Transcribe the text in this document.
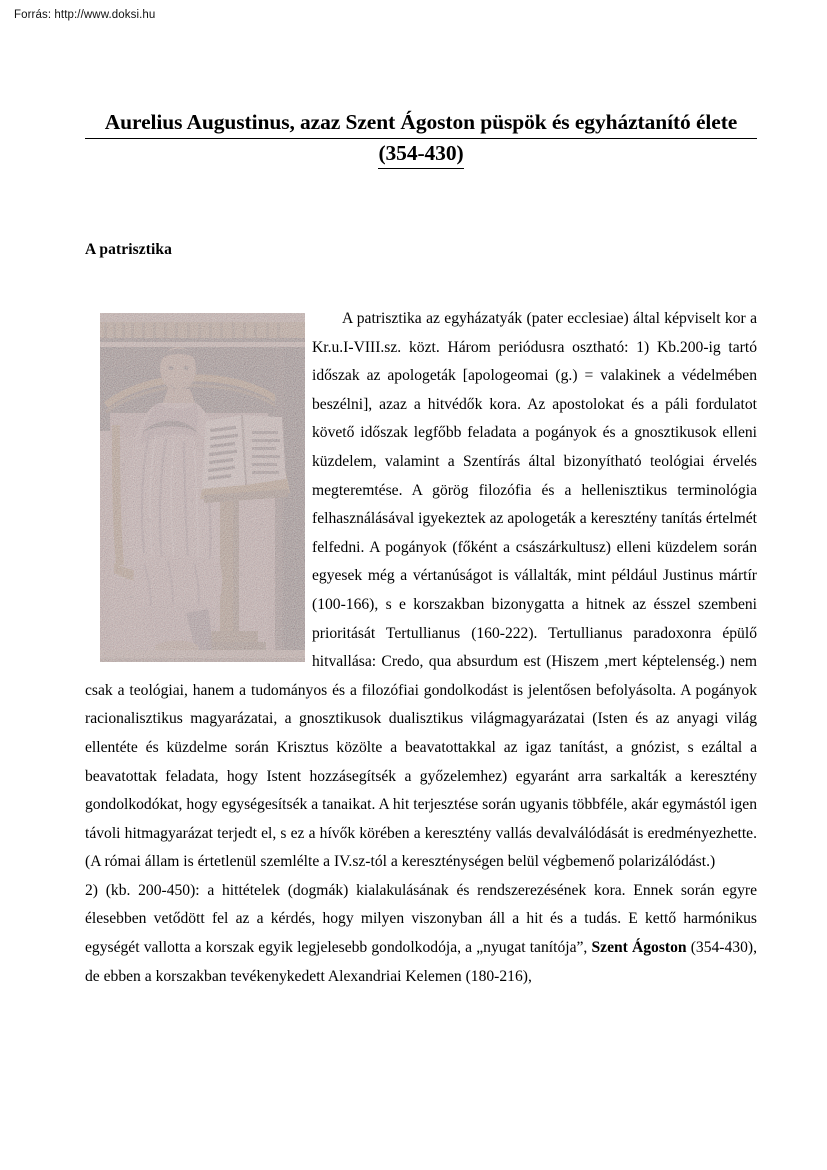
Forrás: http://www.doksi.hu
Aurelius Augustinus, azaz Szent Ágoston püspök és egyháztanító élete
(354-430)
A patrisztika

A patrisztika az egyházatyák (pater ecclesiae) által képviselt kor a Kr.u.I-VIII.sz. közt. Három periódusra osztható: 1) Kb.200-ig tartó időszak az apologeták [apologeomai (g.) = valakinek a védelmében beszélni], azaz a hitvédők kora. Az apostolokat és a páli fordulatot követő időszak legfőbb feladata a pogányok és a gnosztikusok elleni küzdelem, valamint a Szentírás által bizonyítható teológiai érvelés megteremtése. A görög filozófia és a hellenisztikus terminológia felhasználásával igyekeztek az apologeták a keresztény tanítás értelmét felfedni. A pogányok (főként a császárkultusz) elleni küzdelem során egyesek még a vértanúságot is vállalták, mint például Justinus mártír (100-166), s e korszakban bizonygatta a hitnek az ésszel szembeni prioritását Tertullianus (160-222). Tertullianus paradoxonra épülő hitvallása: Credo, qua absurdum est (Hiszem ,mert képtelenség.) nem csak a teológiai, hanem a tudományos és a filozófiai gondolkodást is jelentősen befolyásolta. A pogányok racionalisztikus magyarázatai, a gnosztikusok dualisztikus világmagyarázatai (Isten és az anyagi világ ellentéte és küzdelme során Krisztus közölte a beavatottakkal az igaz tanítást, a gnózist, s ezáltal a beavatottak feladata, hogy Istent hozzásegítsék a győzelemhez) egyaránt arra sarkalták a keresztény gondolkodókat, hogy egységesítsék a tanaikat. A hit terjesztése során ugyanis többféle, akár egymástól igen távoli hitmagyarázat terjedt el, s ez a hívők körében a keresztény vallás devalválódását is eredményezhette.(A római állam is értetlenül szemlélte a IV.sz-tól a kereszténységen belül végbemenő polarizálódást.)

2) (kb. 200-450): a hittételek (dogmák) kialakulásának és rendszerezésének kora. Ennek során egyre élesebben vetődött fel az a kérdés, hogy milyen viszonyban áll a hit és a tudás. E kettő harmónikus egységét vallotta a korszak egyik legjelesebb gondolkodója, a „nyugat tanítója”, Szent Ágoston (354-430), de ebben a korszakban tevékenykedett Alexandriai Kelemen (180-216),
